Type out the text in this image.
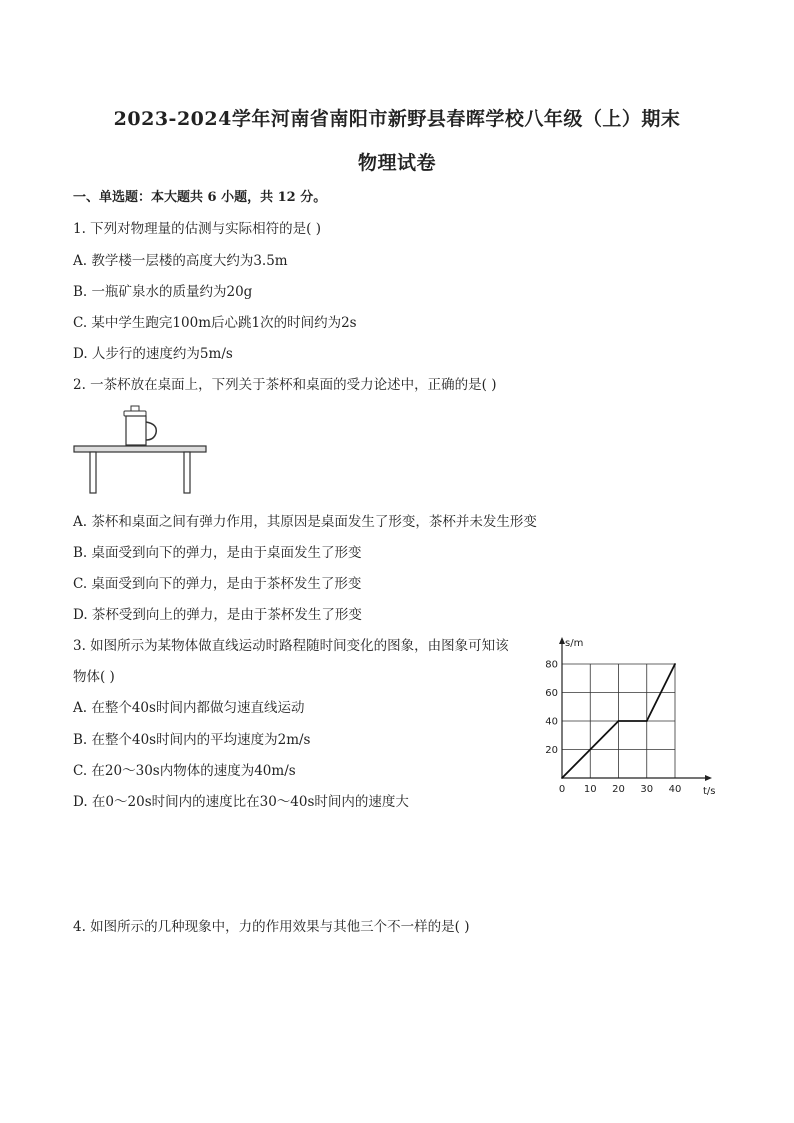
2023-2024学年河南省南阳市新野县春晖学校八年级（上）期末
物理试卷
一、单选题：本大题共 6 小题，共 12 分。
1. 下列对物理量的估测与实际相符的是( )
A. 教学楼一层楼的高度大约为3.5m
B. 一瓶矿泉水的质量约为20g
C. 某中学生跑完100m后心跳1次的时间约为2s
D. 人步行的速度约为5m/s
2. 一茶杯放在桌面上，下列关于茶杯和桌面的受力论述中，正确的是( )
A. 茶杯和桌面之间有弹力作用，其原因是桌面发生了形变，茶杯并未发生形变
B. 桌面受到向下的弹力，是由于桌面发生了形变
C. 桌面受到向下的弹力，是由于茶杯发生了形变
D. 茶杯受到向上的弹力，是由于茶杯发生了形变
3. 如图所示为某物体做直线运动时路程随时间变化的图象，由图象可知该
物体( )
A. 在整个40s时间内都做匀速直线运动
B. 在整个40s时间内的平均速度为2m/s
C. 在20～30s内物体的速度为40m/s
D. 在0～20s时间内的速度比在30～40s时间内的速度大
0 10 20 30 40
20
40
60
80
s/m
t/s
4. 如图所示的几种现象中，力的作用效果与其他三个不一样的是( )
